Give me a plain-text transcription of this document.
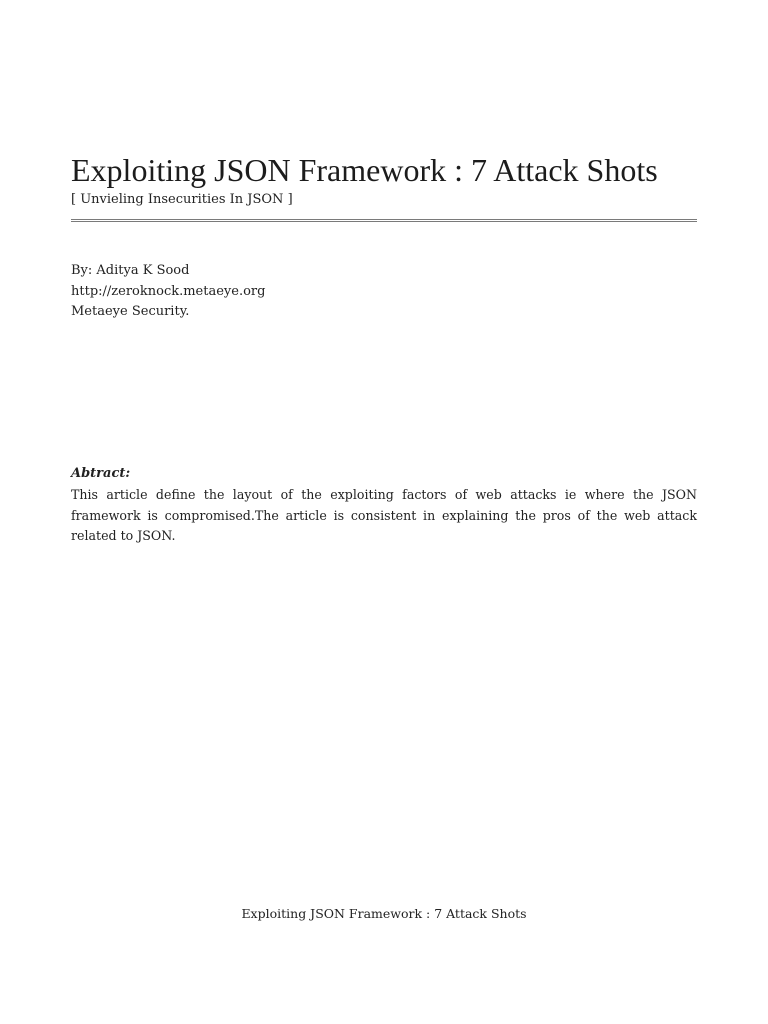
Exploiting JSON Framework : 7 Attack Shots
[ Unvieling Insecurities In JSON ]
By: Aditya K Sood
http://zeroknock.metaeye.org
Metaeye Security.
Abtract:
This article define the layout of the exploiting factors of web attacks ie where the JSON framework is compromised.The article is consistent in explaining the pros of the web attack related to JSON.
Exploiting JSON Framework : 7 Attack Shots
